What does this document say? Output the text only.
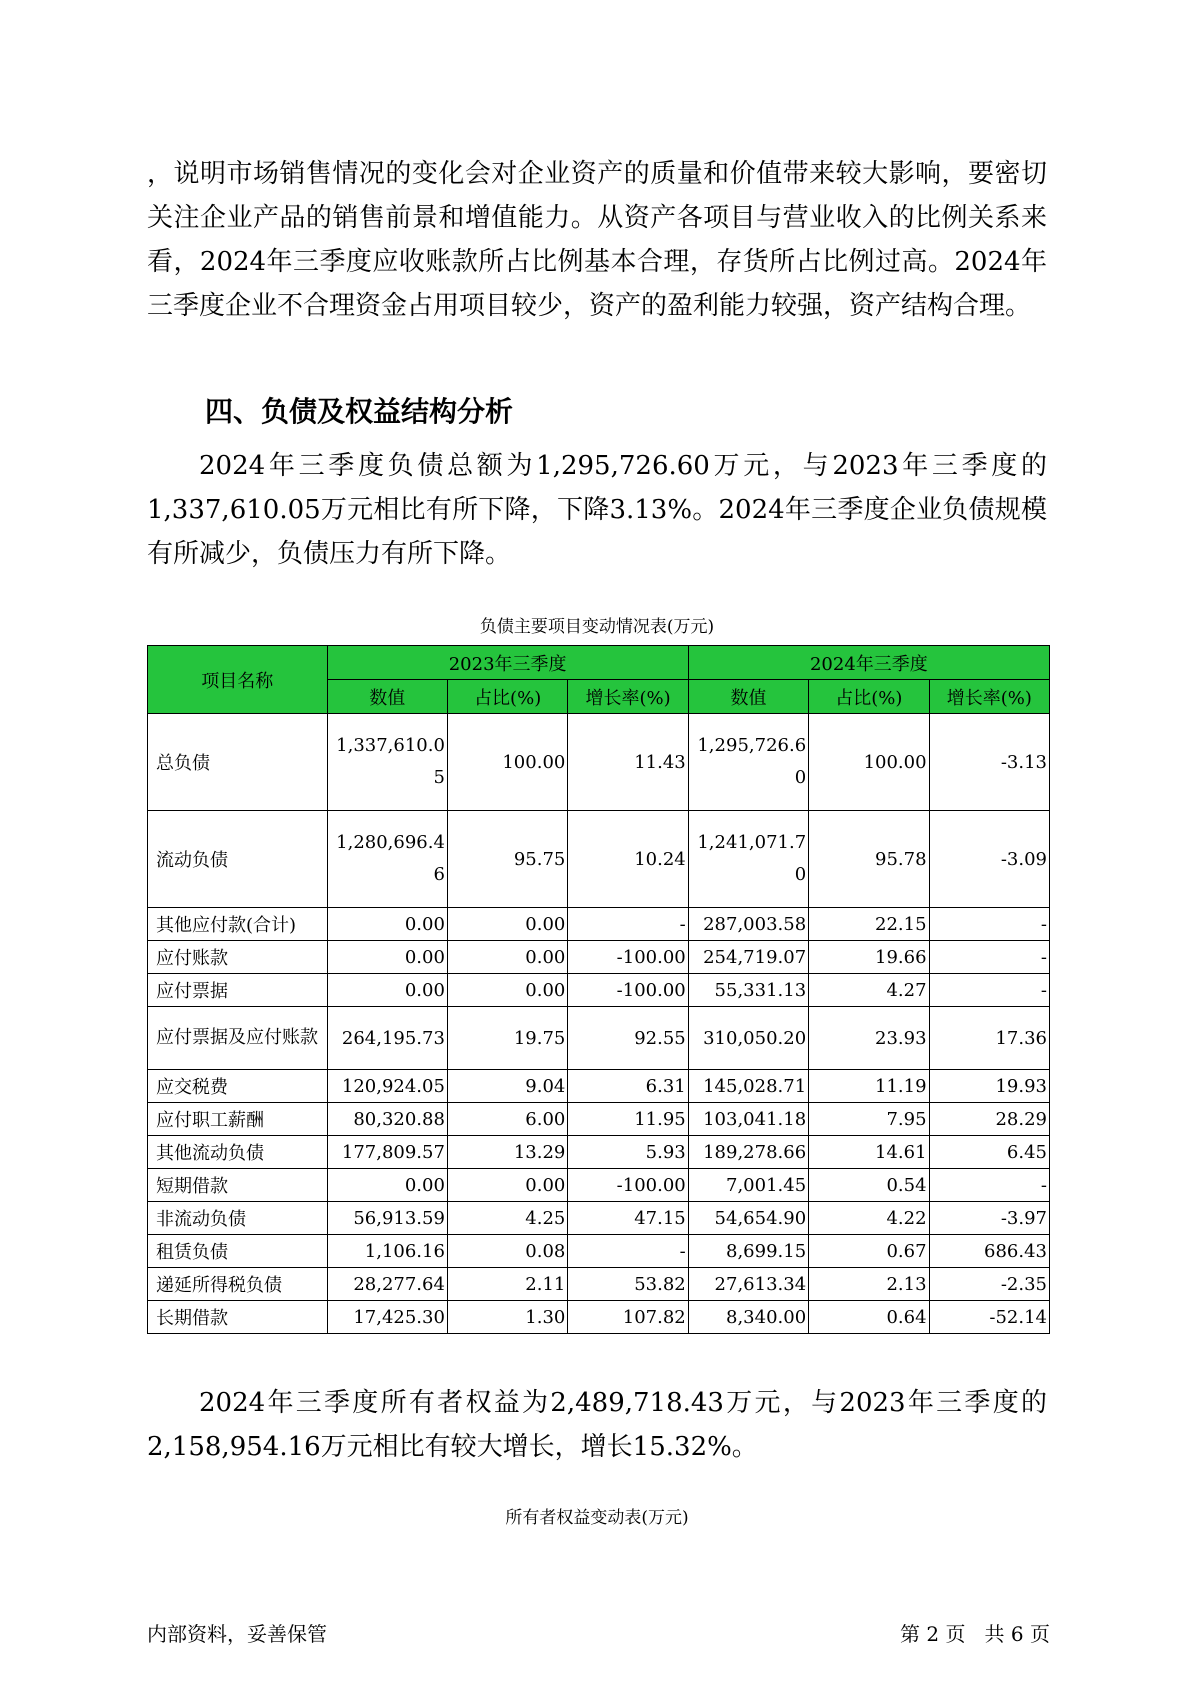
，说明市场销售情况的变化会对企业资产的质量和价值带来较大影响，要密切关注企业产品的销售前景和增值能力。从资产各项目与营业收入的比例关系来看，2024年三季度应收账款所占比例基本合理，存货所占比例过高。2024年三季度企业不合理资金占用项目较少，资产的盈利能力较强，资产结构合理。

四、负债及权益结构分析

2024年三季度负债总额为1,295,726.60万元，与2023年三季度的1,337,610.05万元相比有所下降，下降3.13%。2024年三季度企业负债规模有所减少，负债压力有所下降。

负债主要项目变动情况表(万元)

项目名称	2023年三季度			2024年三季度		
	数值	占比(%)	增长率(%)	数值	占比(%)	增长率(%)
总负债	1,337,610.05	100.00	11.43	1,295,726.60	100.00	-3.13
流动负债	1,280,696.46	95.75	10.24	1,241,071.70	95.78	-3.09
其他应付款(合计)	0.00	0.00	-	287,003.58	22.15	-
应付账款	0.00	0.00	-100.00	254,719.07	19.66	-
应付票据	0.00	0.00	-100.00	55,331.13	4.27	-
应付票据及应付账款	264,195.73	19.75	92.55	310,050.20	23.93	17.36
应交税费	120,924.05	9.04	6.31	145,028.71	11.19	19.93
应付职工薪酬	80,320.88	6.00	11.95	103,041.18	7.95	28.29
其他流动负债	177,809.57	13.29	5.93	189,278.66	14.61	6.45
短期借款	0.00	0.00	-100.00	7,001.45	0.54	-
非流动负债	56,913.59	4.25	47.15	54,654.90	4.22	-3.97
租赁负债	1,106.16	0.08	-	8,699.15	0.67	686.43
递延所得税负债	28,277.64	2.11	53.82	27,613.34	2.13	-2.35
长期借款	17,425.30	1.30	107.82	8,340.00	0.64	-52.14

2024年三季度所有者权益为2,489,718.43万元，与2023年三季度的2,158,954.16万元相比有较大增长，增长15.32%。

所有者权益变动表(万元)

内部资料，妥善保管	第 2 页   共 6 页
